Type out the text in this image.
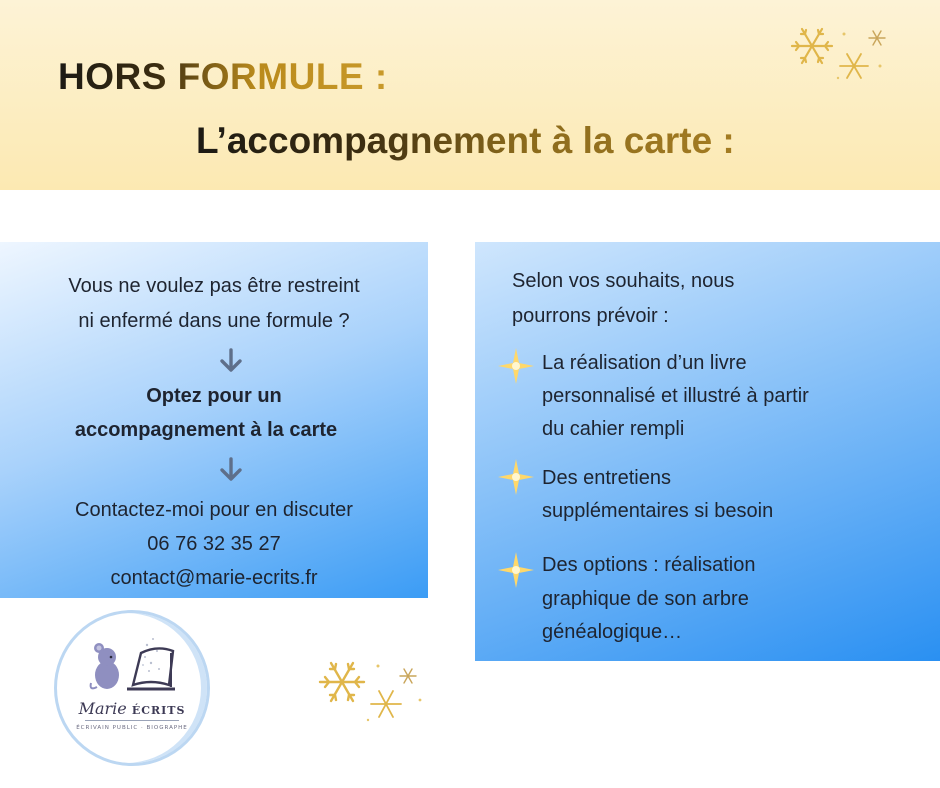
HORS FORMULE :
L’accompagnement à la carte :
Vous ne voulez pas être restreint
ni enfermé dans une formule ?
Optez pour un
accompagnement à la carte
Contactez-moi pour en discuter
06 76 32 35 27
contact@marie-ecrits.fr
Selon vos souhaits, nous
pourrons prévoir :
La réalisation d’un livre
personnalisé et illustré à partir
du cahier rempli
Des entretiens
supplémentaires si besoin
Des options : réalisation
graphique de son arbre
généalogique…
Marie ÉCRITS
ÉCRIVAIN PUBLIC · BIOGRAPHE
